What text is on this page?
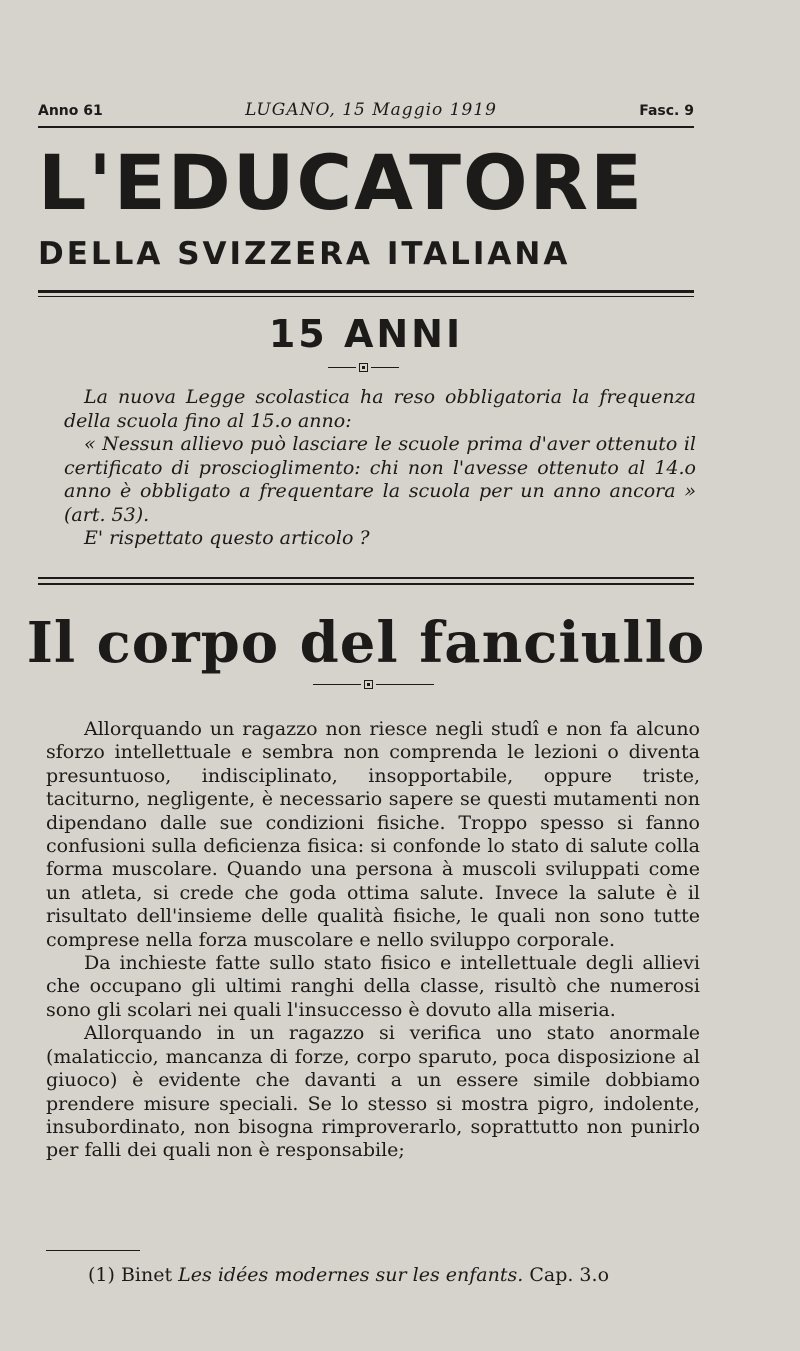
Anno 61	LUGANO, 15 Maggio 1919	Fasc. 9
L'EDUCATORE
DELLA SVIZZERA ITALIANA
15 ANNI

La nuova Legge scolastica ha reso obbligatoria la frequenza della scuola fino al 15.o anno:

« Nessun allievo può lasciare le scuole prima d'aver ottenuto il certificato di proscioglimento: chi non l'avesse ottenuto al 14.o anno è obbligato a frequentare la scuola per un anno ancora » (art. 53).

E' rispettato questo articolo ?

Il corpo del fanciullo

Allorquando un ragazzo non riesce negli studî e non fa alcuno sforzo intellettuale e sembra non comprenda le lezioni o diventa presuntuoso, indisciplinato, insopportabile, oppure triste, taciturno, negligente, è necessario sapere se questi mutamenti non dipendano dalle sue condizioni fisiche. Troppo spesso si fanno confusioni sulla deficienza fisica: si confonde lo stato di salute colla forma muscolare. Quando una persona à muscoli sviluppati come un atleta, si crede che goda ottima salute. Invece la salute è il risultato dell'insieme delle qualità fisiche, le quali non sono tutte comprese nella forza muscolare e nello sviluppo corporale.

Da inchieste fatte sullo stato fisico e intellettuale degli allievi che occupano gli ultimi ranghi della classe, risultò che numerosi sono gli scolari nei quali l'insuccesso è dovuto alla miseria.

Allorquando in un ragazzo si verifica uno stato anormale (malaticcio, mancanza di forze, corpo sparuto, poca disposizione al giuoco) è evidente che davanti a un essere simile dobbiamo prendere misure speciali. Se lo stesso si mostra pigro, indolente, insubordinato, non bisogna rimproverarlo, soprattutto non punirlo per falli dei quali non è responsabile;

(1) Binet Les idées modernes sur les enfants. Cap. 3.o
